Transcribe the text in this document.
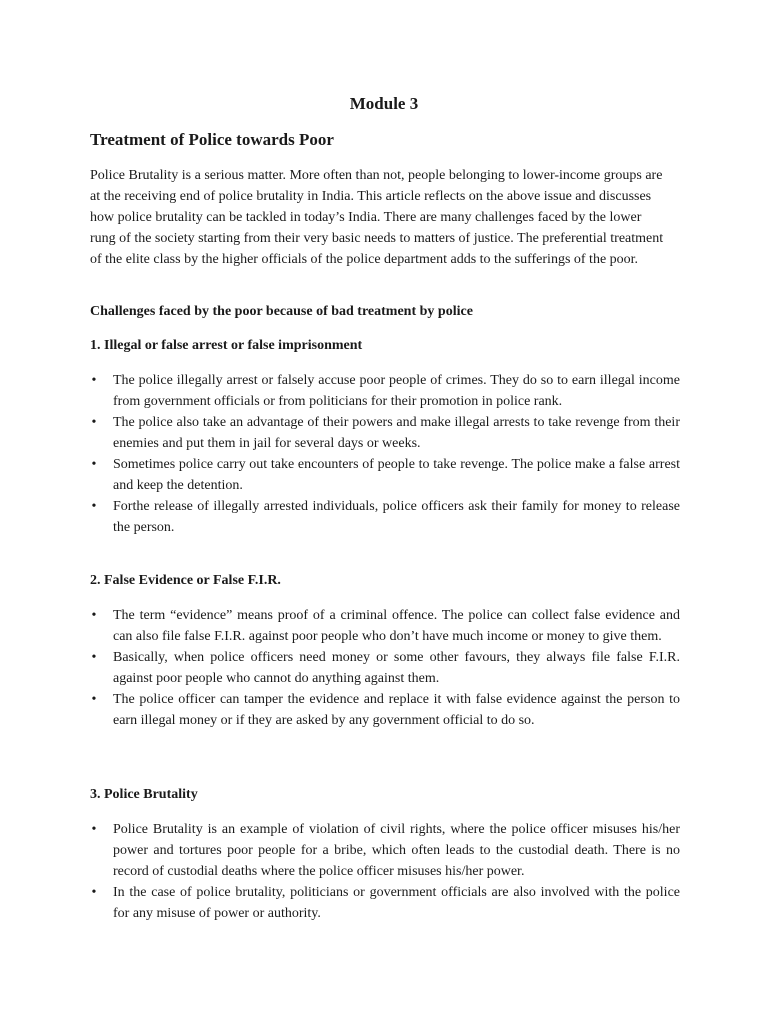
Module 3
Treatment of Police towards Poor

Police Brutality is a serious matter. More often than not, people belonging to lower-income groups are at the receiving end of police brutality in India. This article reflects on the above issue and discusses how police brutality can be tackled in today’s India. There are many challenges faced by the lower rung of the society starting from their very basic needs to matters of justice. The preferential treatment of the elite class by the higher officials of the police department adds to the sufferings of the poor.

Challenges faced by the poor because of bad treatment by police
1. Illegal or false arrest or false imprisonment
• The police illegally arrest or falsely accuse poor people of crimes. They do so to earn illegal income from government officials or from politicians for their promotion in police rank.
• The police also take an advantage of their powers and make illegal arrests to take revenge from their enemies and put them in jail for several days or weeks.
• Sometimes police carry out take encounters of people to take revenge. The police make a false arrest and keep the detention.
• Forthe release of illegally arrested individuals, police officers ask their family for money to release the person.
2. False Evidence or False F.I.R.
• The term “evidence” means proof of a criminal offence. The police can collect false evidence and can also file false F.I.R. against poor people who don’t have much income or money to give them.
• Basically, when police officers need money or some other favours, they always file false F.I.R. against poor people who cannot do anything against them.
• The police officer can tamper the evidence and replace it with false evidence against the person to earn illegal money or if they are asked by any government official to do so.
3. Police Brutality
• Police Brutality is an example of violation of civil rights, where the police officer misuses his/her power and tortures poor people for a bribe, which often leads to the custodial death. There is no record of custodial deaths where the police officer misuses his/her power.
• In the case of police brutality, politicians or government officials are also involved with the police for any misuse of power or authority.
